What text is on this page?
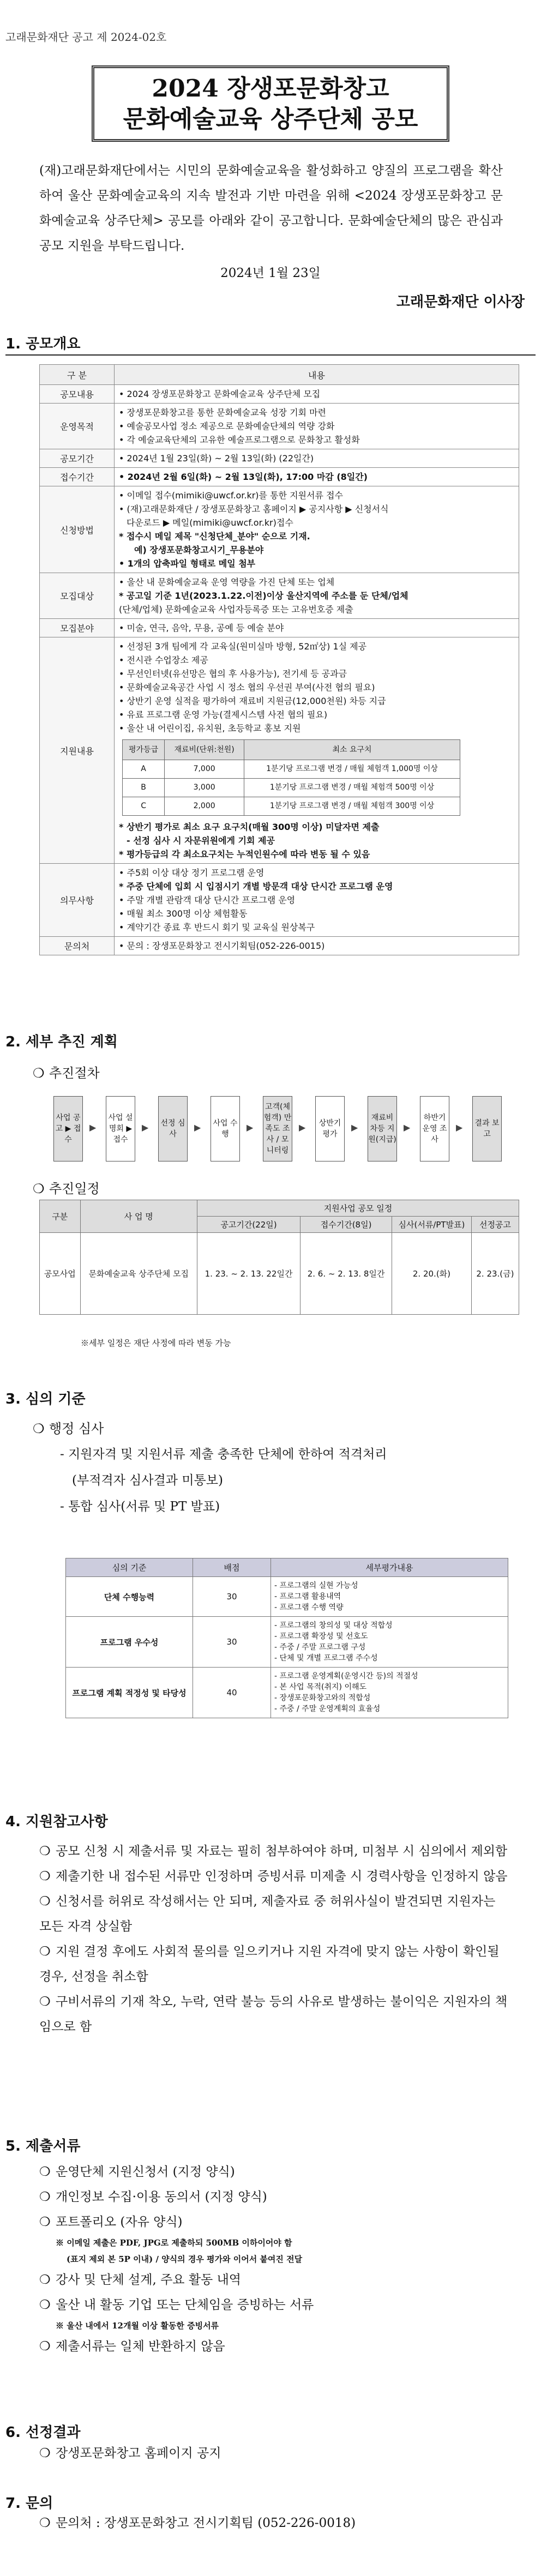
고래문화재단 공고 제 2024-02호
2024 장생포문화창고
문화예술교육 상주단체 공모
(재)고래문화재단에서는 시민의 문화예술교육을 활성화하고 양질의 프로그램을 확산하여 울산 문화예술교육의 지속 발전과 기반 마련을 위해 <2024 장생포문화창고 문화예술교육 상주단체> 공모를 아래와 같이 공고합니다. 문화예술단체의 많은 관심과 공모 지원을 부탁드립니다.
2024년 1월 23일
고래문화재단 이사장
1. 공모개요
구 분	내용
공모내용	• 2024 장생포문화창고 문화예술교육 상주단체 모집

운영목적	
• 장생포문화창고를 통한 문화예술교육 성장 기회 마련
• 예술공모사업 정소 제공으로 문화예술단체의 역량 강화
• 각 예술교육단체의 고유한 예술프로그램으로 문화창고 활성화

공모기간	• 2024년 1월 23일(화) ~ 2월 13일(화) (22일간)

접수기간	• 2024년 2월 6일(화) ~ 2월 13일(화), 17:00 마감 (8일간)

신청방법	
• 이메일 접수(mimiki@uwcf.or.kr)를 통한 지원서류 접수
• (재)고래문화재단 / 장생포문화창고 홈페이지 ▶ 공지사항 ▶ 신청서식
다운로드 ▶ 메일(mimiki@uwcf.or.kr)접수
* 접수시 메일 제목 "신청단체_분야" 순으로 기재.
예) 장생포문화창고시기_무용분야
• 1개의 압축파일 형태로 메일 첨부

모집대상	
• 울산 내 문화예술교육 운영 역량을 가진 단체 또는 업체
* 공고일 기준 1년(2023.1.22.이전)이상 울산지역에 주소를 둔 단체/업체
(단체/업체) 문화예술교육 사업자등록증 또는 고유번호증 제출

모집분야	• 미술, 연극, 음악, 무용, 공예 등 예술 분야

지원내용	
• 선정된 3개 팀에게 각 교육실(원미실마 방형, 52㎡상) 1실 제공
• 전시관 수업장소 제공
• 무선인터넷(유선망은 협의 후 사용가능), 전기세 등 공과금
• 문화예술교육공간 사업 시 정소 협의 우선권 부여(사전 협의 필요)
• 상반기 운영 실적을 평가하여 재료비 지원금(12,000천원) 차등 지급
• 유료 프로그램 운영 가능(결제시스템 사전 협의 필요)
• 울산 내 어린이집, 유치원, 초등학교 홍보 지원
평가등급	재료비(단위:천원)	최소 요구치
A	7,000	1분기당 프로그램 변경 / 매월 체험객 1,000명 이상
B	3,000	1분기당 프로그램 변경 / 매월 체험객 500명 이상
C	2,000	1분기당 프로그램 변경 / 매월 체험객 300명 이상
* 상반기 평가로 최소 요구 요구치(매월 300명 이상) 미달자면 제출
- 선정 심사 시 자문위원에게 기회 제공
* 평가등급의 각 최소요구치는 누적인원수에 따라 변동 될 수 있음

의무사항	
• 주5회 이상 대상 정기 프로그램 운영
* 주중 단체에 입회 시 입점시기 개별 방문객 대상 단시간 프로그램 운영
• 주말 개별 관람객 대상 단시간 프로그램 운영
• 매월 최소 300명 이상 체험활동
• 계약기간 종료 후 반드시 회기 및 교육실 원상복구

문의처	• 문의 : 장생포문화창고 전시기획팀(052-226-0015)
2. 세부 추진 계획
❍ 추진절차
사업 공고 ▶ 접수
▶
사업 설명회 ▶ 접수
▶	선정 심사
▶	사업 수행
▶
고객(체험객) 만족도 조사 / 모니터링
▶	상반기 평가
▶
재료비 차등 지원(지급)
▶
하반기 운영 조사
▶	결과 보고
❍ 추진일정
구분	사 업 명	지원사업 공모 일정			
		공고기간(22일)	접수기간(8일)	심사(서류/PT발표)	선정공고
공모사업	문화예술교육 상주단체 모집	1. 23. ~ 2. 13. 22일간	2. 6. ~ 2. 13. 8일간	2. 20.(화)	2. 23.(금)
※세부 일정은 재단 사정에 따라 변동 가능
3. 심의 기준
❍ 행정 심사
- 지원자격 및 지원서류 제출 충족한 단체에 한하여 적격처리
(부적격자 심사결과 미통보)
- 통합 심사(서류 및 PT 발표)
심의 기준	배점	세부평가내용
단체 수행능력	30	- 프로그램의 실현 가능성
- 프로그램 활용내역
- 프로그램 수행 역량

프로그램 우수성	30	- 프로그램의 창의성 및 대상 적합성
- 프로그램 확장성 및 선호도
- 주중 / 주말 프로그램 구성
- 단체 및 개별 프로그램 주수성

프로그램 계획 적정성 및 타당성	40	- 프로그램 운영계획(운영시간 등)의 적절성
- 본 사업 목적(취지) 이해도
- 장생포문화창고와의 적합성
- 주중 / 주말 운영계획의 효율성
4. 지원참고사항
❍ 공모 신청 시 제출서류 및 자료는 필히 첨부하여야 하며, 미첨부 시 심의에서 제외함
❍ 제출기한 내 접수된 서류만 인정하며 증빙서류 미제출 시 경력사항을 인정하지 않음
❍ 신청서를 허위로 작성해서는 안 되며, 제출자료 중 허위사실이 발견되면 지원자는 모든 자격 상실함
❍ 지원 결정 후에도 사회적 물의를 일으키거나 지원 자격에 맞지 않는 사항이 확인될 경우, 선정을 취소함
❍ 구비서류의 기재 착오, 누락, 연락 불능 등의 사유로 발생하는 불이익은 지원자의 책임으로 함
5. 제출서류
❍ 운영단체 지원신청서 (지정 양식)
❍ 개인정보 수집·이용 동의서 (지정 양식)
❍ 포트폴리오 (자유 양식)
※ 이메일 제출은 PDF, JPG로 제출하되 500MB 이하이어야 함
(표지 제외 본 5P 이내) / 양식의 경우 평가와 이어서 붙여진 전달
❍ 강사 및 단체 설계, 주요 활동 내역
❍ 울산 내 활동 기업 또는 단체임을 증빙하는 서류
※ 울산 내에서 12개월 이상 활동한 증빙서류
❍ 제출서류는 일체 반환하지 않음
6. 선정결과
❍ 장생포문화창고 홈페이지 공지
7. 문의
❍ 문의처 : 장생포문화창고 전시기획팀 (052-226-0018)
